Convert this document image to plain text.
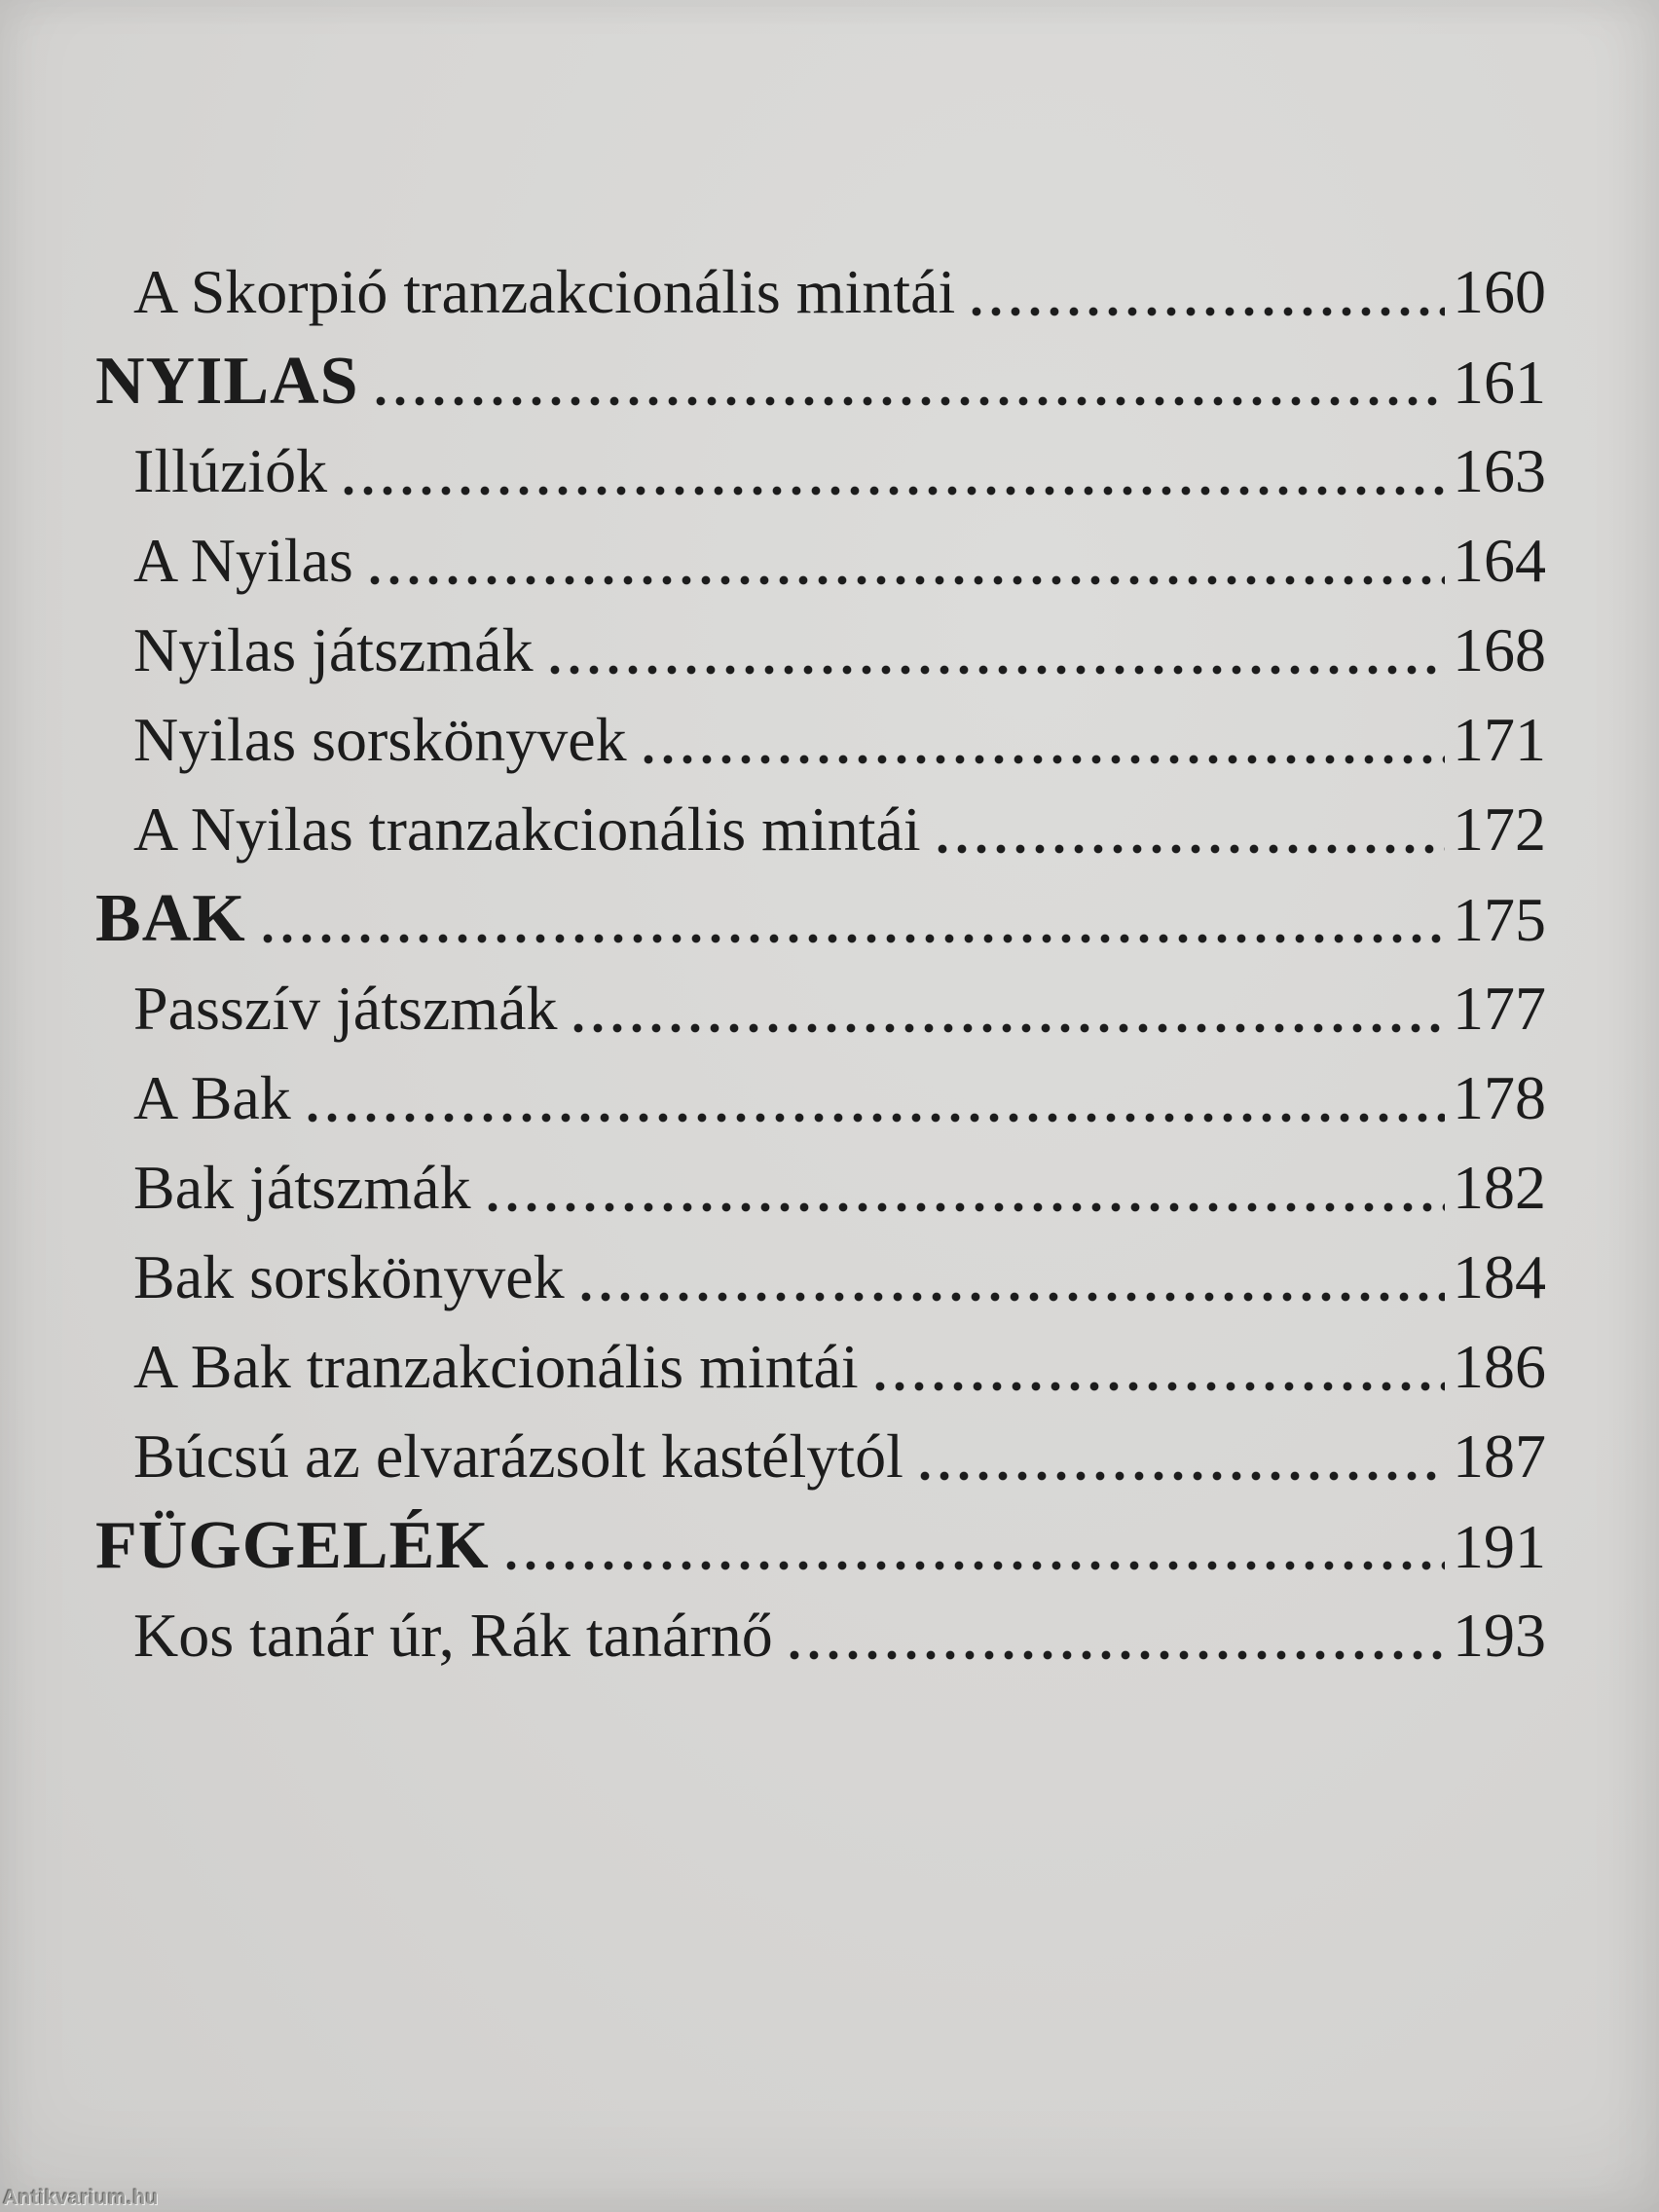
A Skorpió tranzakcionális mintái	160
NYILAS	161
Illúziók	163
A Nyilas	164
Nyilas játszmák	168
Nyilas sorskönyvek	171
A Nyilas tranzakcionális mintái	172
BAK	175
Passzív játszmák	177
A Bak	178
Bak játszmák	182
Bak sorskönyvek	184
A Bak tranzakcionális mintái	186
Búcsú az elvarázsolt kastélytól	187
FÜGGELÉK	191
Kos tanár úr, Rák tanárnő	193
Antikvarium.hu
